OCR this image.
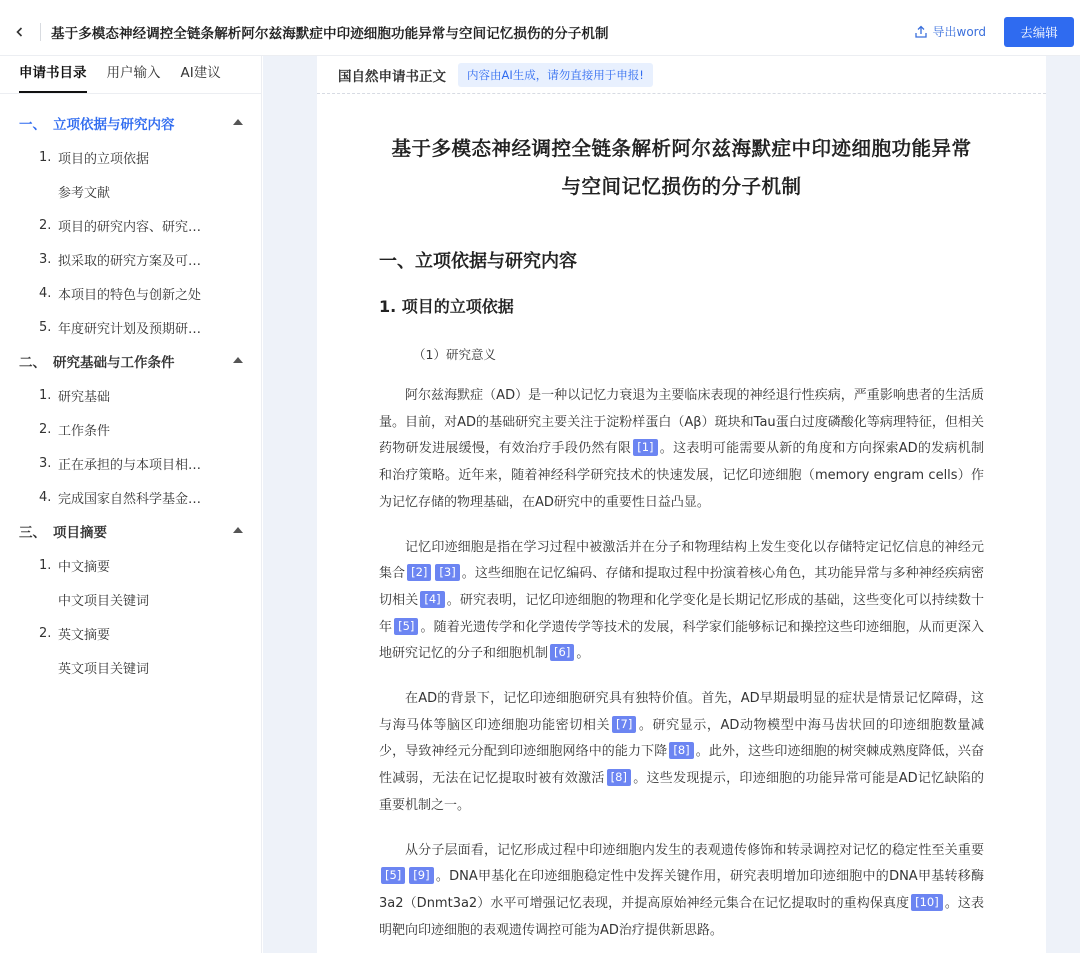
基于多模态神经调控全链条解析阿尔兹海默症中印迹细胞功能异常与空间记忆损伤的分子机制	导出word	去编辑
申请书目录 用户输入 AI建议
一、 立项依据与研究内容
1. 项目的立项依据
参考文献
2. 项目的研究内容、研究…
3. 拟采取的研究方案及可…
4. 本项目的特色与创新之处
5. 年度研究计划及预期研…
二、 研究基础与工作条件
1. 研究基础
2. 工作条件
3. 正在承担的与本项目相…
4. 完成国家自然科学基金…
三、 项目摘要
1. 中文摘要
中文项目关键词
2. 英文摘要
英文项目关键词
国自然申请书正文	内容由AI生成，请勿直接用于申报!
基于多模态神经调控全链条解析阿尔兹海默症中印迹细胞功能异常
与空间记忆损伤的分子机制
一、立项依据与研究内容
1. 项目的立项依据
（1）研究意义

阿尔兹海默症（AD）是一种以记忆力衰退为主要临床表现的神经退行性疾病，严重影响患者的生活质量。目前，对AD的基础研究主要关注于淀粉样蛋白（Aβ）斑块和Tau蛋白过度磷酸化等病理特征，但相关药物研发进展缓慢，有效治疗手段仍然有限 [1] 。这表明可能需要从新的角度和方向探索AD的发病机制和治疗策略。近年来，随着神经科学研究技术的快速发展，记忆印迹细胞（memory engram cells）作为记忆存储的物理基础，在AD研究中的重要性日益凸显。

记忆印迹细胞是指在学习过程中被激活并在分子和物理结构上发生变化以存储特定记忆信息的神经元集合 [2] [3] 。这些细胞在记忆编码、存储和提取过程中扮演着核心角色，其功能异常与多种神经疾病密切相关 [4] 。研究表明，记忆印迹细胞的物理和化学变化是长期记忆形成的基础，这些变化可以持续数十年 [5] 。随着光遗传学和化学遗传学等技术的发展，科学家们能够标记和操控这些印迹细胞，从而更深入地研究记忆的分子和细胞机制 [6] 。

在AD的背景下，记忆印迹细胞研究具有独特价值。首先，AD早期最明显的症状是情景记忆障碍，这与海马体等脑区印迹细胞功能密切相关 [7] 。研究显示，AD动物模型中海马齿状回的印迹细胞数量减少，导致神经元分配到印迹细胞网络中的能力下降 [8] 。此外，这些印迹细胞的树突棘成熟度降低，兴奋性减弱，无法在记忆提取时被有效激活 [8] 。这些发现提示，印迹细胞的功能异常可能是AD记忆缺陷的重要机制之一。

从分子层面看，记忆形成过程中印迹细胞内发生的表观遗传修饰和转录调控对记忆的稳定性至关重要[5] [9] 。DNA甲基化在印迹细胞稳定性中发挥关键作用，研究表明增加印迹细胞中的DNA甲基转移酶3a2（Dnmt3a2）水平可增强记忆表现，并提高原始神经元集合在记忆提取时的重构保真度 [10] 。这表明靶向印迹细胞的表观遗传调控可能为AD治疗提供新思路。
